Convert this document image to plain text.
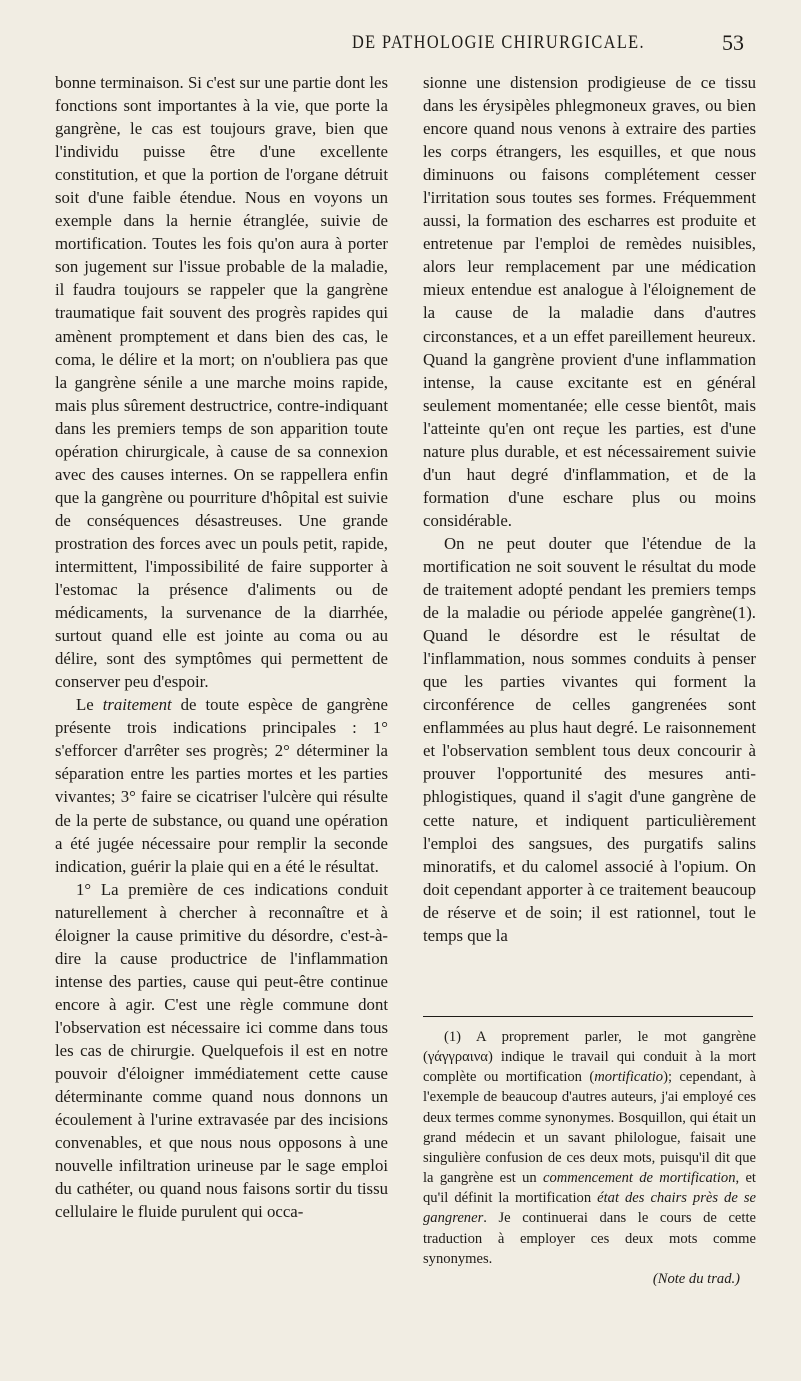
DE PATHOLOGIE CHIRURGICALE.	53

bonne terminaison. Si c'est sur une partie dont les fonctions sont importantes à la vie, que porte la gangrène, le cas est toujours grave, bien que l'individu puisse être d'une excellente constitution, et que la portion de l'organe détruit soit d'une faible étendue. Nous en voyons un exemple dans la hernie étranglée, suivie de mortification. Toutes les fois qu'on aura à porter son jugement sur l'issue probable de la maladie, il faudra toujours se rappeler que la gangrène traumatique fait souvent des progrès rapides qui amènent promptement et dans bien des cas, le coma, le délire et la mort; on n'oubliera pas que la gangrène sénile a une marche moins rapide, mais plus sûrement destructrice, contre-indiquant dans les premiers temps de son apparition toute opération chirurgicale, à cause de sa connexion avec des causes internes. On se rappellera enfin que la gangrène ou pourriture d'hôpital est suivie de conséquences désastreuses. Une grande prostration des forces avec un pouls petit, rapide, intermittent, l'impossibilité de faire supporter à l'estomac la présence d'aliments ou de médicaments, la survenance de la diarrhée, surtout quand elle est jointe au coma ou au délire, sont des symptômes qui permettent de conserver peu d'espoir.

Le traitement de toute espèce de gangrène présente trois indications principales : 1° s'efforcer d'arrêter ses progrès; 2° déterminer la séparation entre les parties mortes et les parties vivantes; 3° faire se cicatriser l'ulcère qui résulte de la perte de substance, ou quand une opération a été jugée nécessaire pour remplir la seconde indication, guérir la plaie qui en a été le résultat.

1° La première de ces indications conduit naturellement à chercher à reconnaître et à éloigner la cause primitive du désordre, c'est-à-dire la cause productrice de l'inflammation intense des parties, cause qui peut-être continue encore à agir. C'est une règle commune dont l'observation est nécessaire ici comme dans tous les cas de chirurgie. Quelquefois il est en notre pouvoir d'éloigner immédiatement cette cause déterminante comme quand nous donnons un écoulement à l'urine extravasée par des incisions convenables, et que nous nous opposons à une nouvelle infiltration urineuse par le sage emploi du cathéter, ou quand nous faisons sortir du tissu cellulaire le fluide purulent qui occa-

sionne une distension prodigieuse de ce tissu dans les érysipèles phlegmoneux graves, ou bien encore quand nous venons à extraire des parties les corps étrangers, les esquilles, et que nous diminuons ou faisons complétement cesser l'irritation sous toutes ses formes. Fréquemment aussi, la formation des escharres est produite et entretenue par l'emploi de remèdes nuisibles, alors leur remplacement par une médication mieux entendue est analogue à l'éloignement de la cause de la maladie dans d'autres circonstances, et a un effet pareillement heureux. Quand la gangrène provient d'une inflammation intense, la cause excitante est en général seulement momentanée; elle cesse bientôt, mais l'atteinte qu'en ont reçue les parties, est d'une nature plus durable, et est nécessairement suivie d'un haut degré d'inflammation, et de la formation d'une eschare plus ou moins considérable.

On ne peut douter que l'étendue de la mortification ne soit souvent le résultat du mode de traitement adopté pendant les premiers temps de la maladie ou période appelée gangrène(1). Quand le désordre est le résultat de l'inflammation, nous sommes conduits à penser que les parties vivantes qui forment la circonférence de celles gangrenées sont enflammées au plus haut degré. Le raisonnement et l'observation semblent tous deux concourir à prouver l'opportunité des mesures anti-phlogistiques, quand il s'agit d'une gangrène de cette nature, et indiquent particulièrement l'emploi des sangsues, des purgatifs salins minoratifs, et du calomel associé à l'opium. On doit cependant apporter à ce traitement beaucoup de réserve et de soin; il est rationnel, tout le temps que la

(1) A proprement parler, le mot gangrène (γάγγραινα) indique le travail qui conduit à la mort complète ou mortification (mortificatio); cependant, à l'exemple de beaucoup d'autres auteurs, j'ai employé ces deux termes comme synonymes. Bosquillon, qui était un grand médecin et un savant philologue, faisait une singulière confusion de ces deux mots, puisqu'il dit que la gangrène est un commencement de mortification, et qu'il définit la mortification état des chairs près de se gangrener. Je continuerai dans le cours de cette traduction à employer ces deux mots comme synonymes.

(Note du trad.)
